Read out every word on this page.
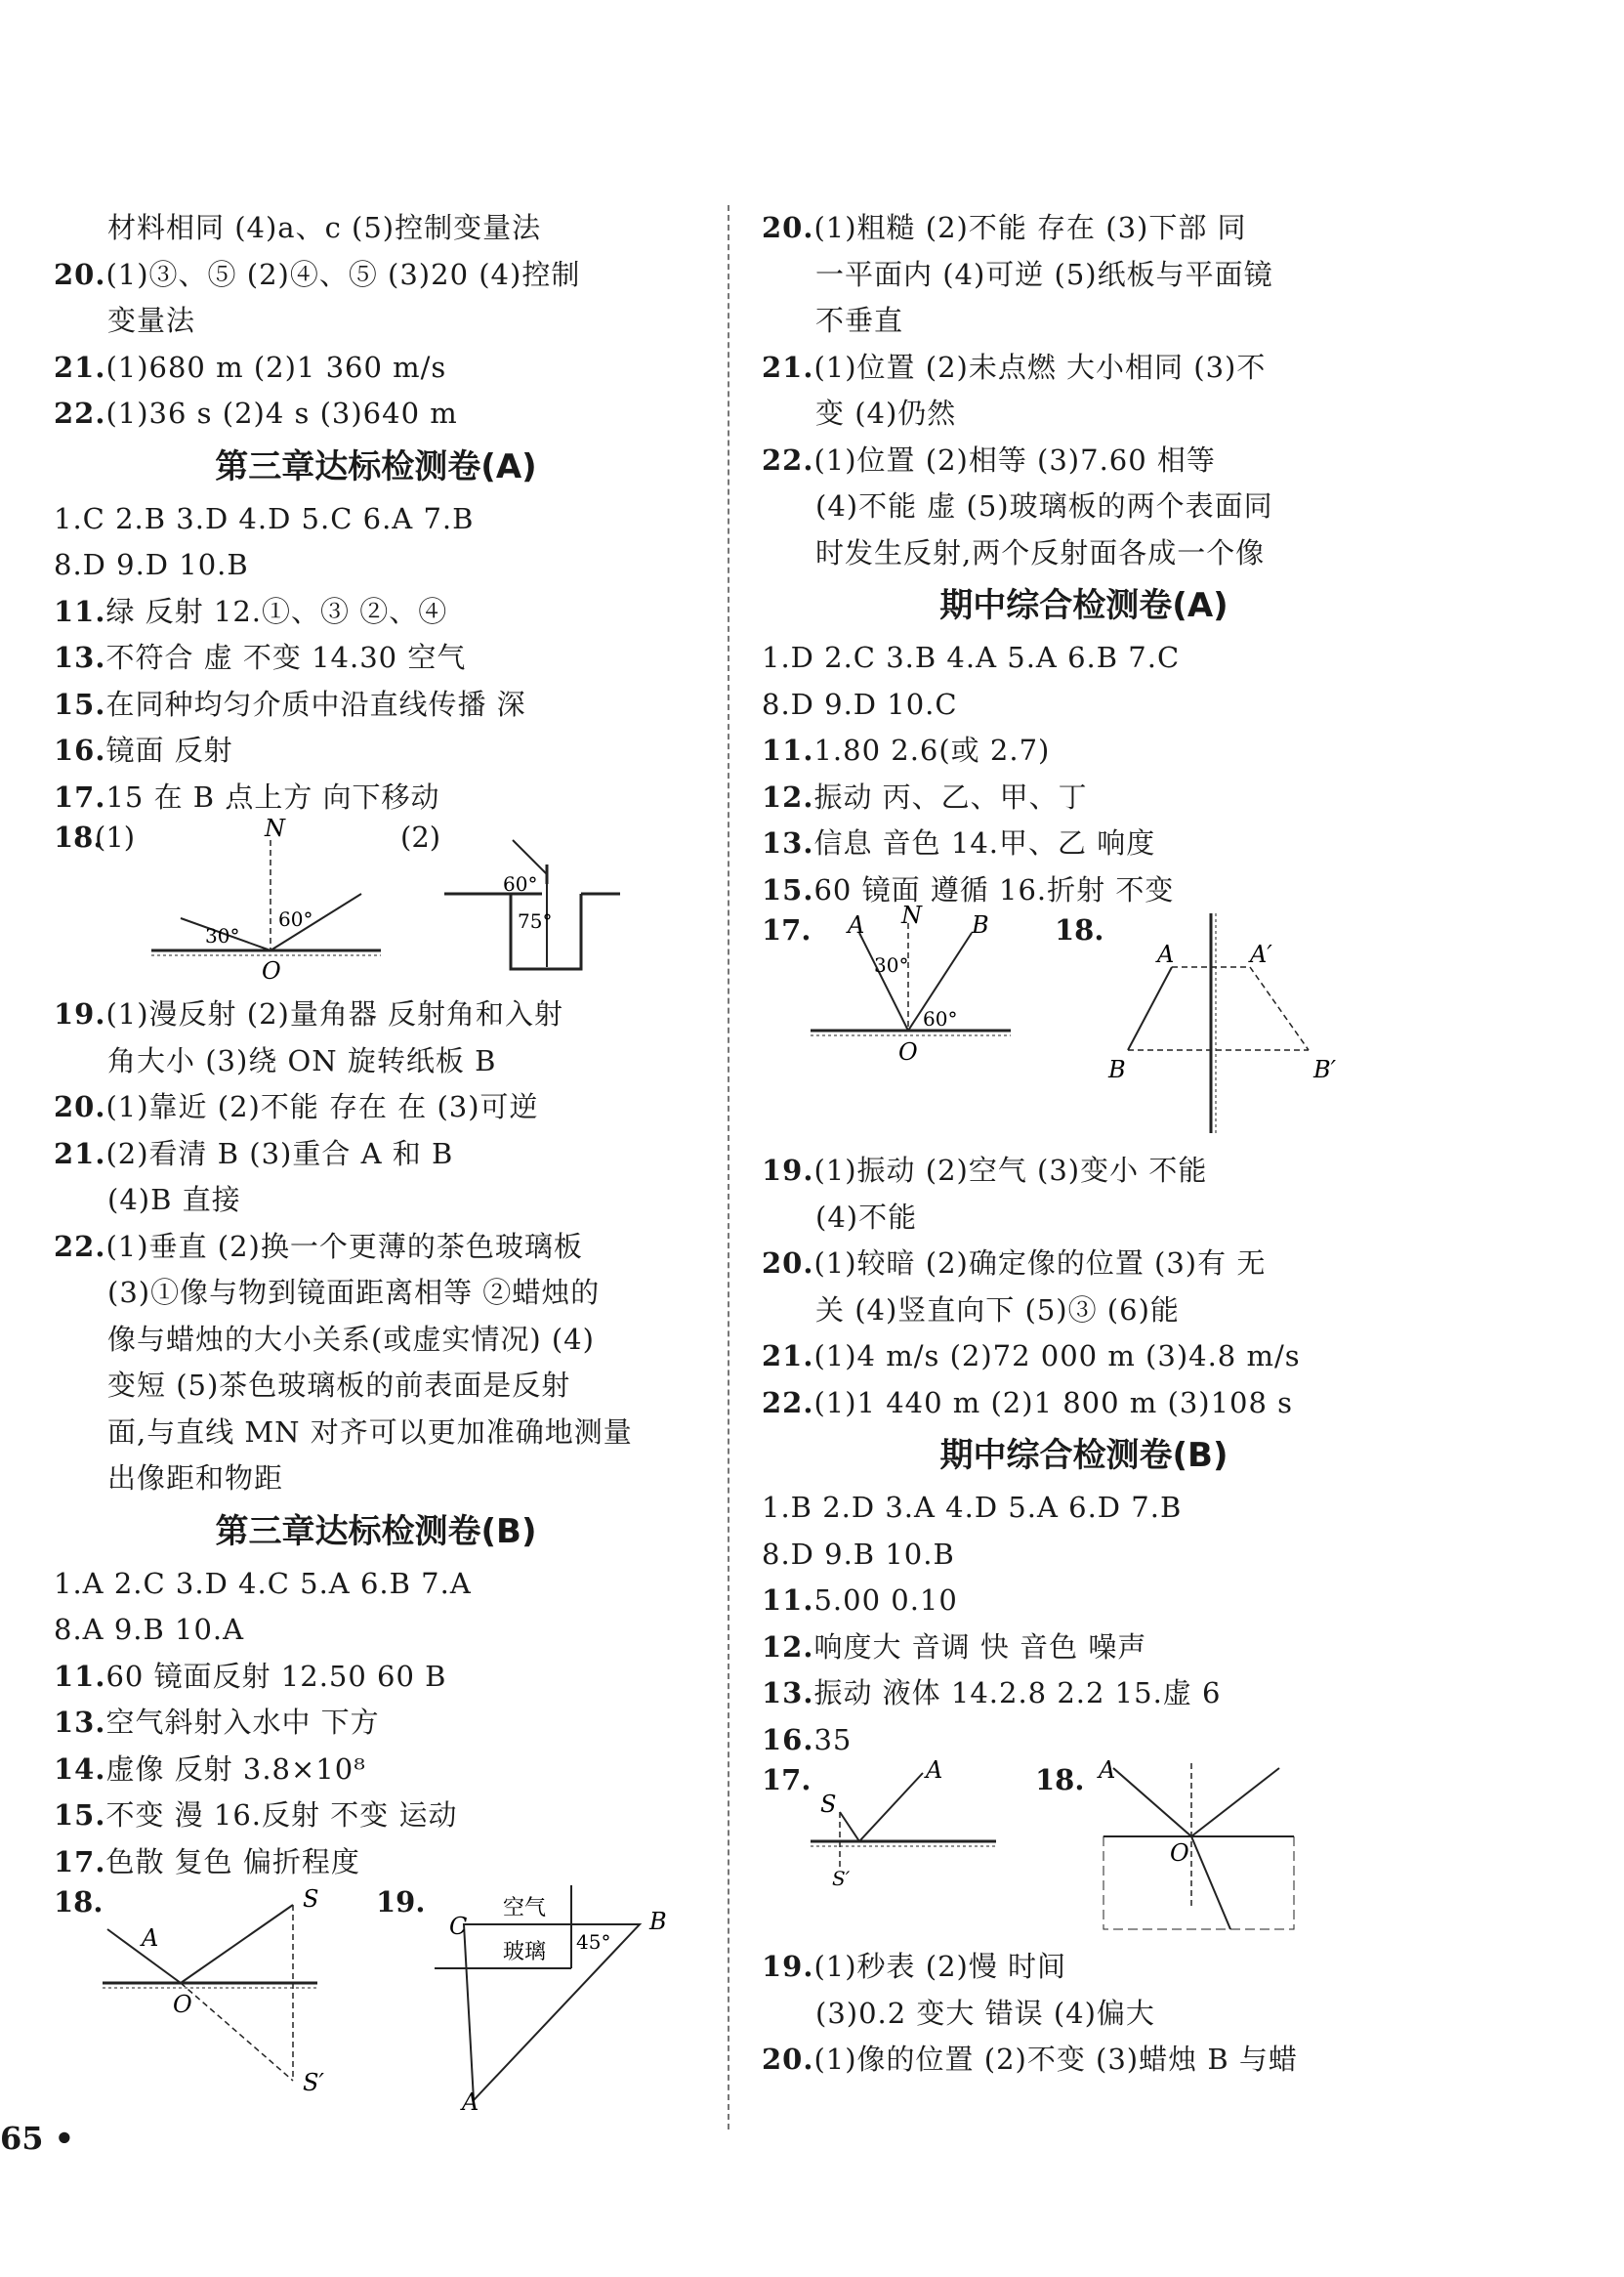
材料相同 (4)a、c (5)控制变量法
20.(1)③、⑤ (2)④、⑤ (3)20 (4)控制
变量法
21.(1)680 m (2)1 360 m/s
22.(1)36 s (2)4 s (3)640 m
第三章达标检测卷(A)
1.C 2.B 3.D 4.D 5.C 6.A 7.B
8.D 9.D 10.B
11.绿 反射 12.①、③ ②、④
13.不符合 虚 不变 14.30 空气
15.在同种均匀介质中沿直线传播 深
16.镜面 反射
17.15 在 B 点上方 向下移动
18.
(1)	(2)
N
O
30°
60°
60°
75°
19.(1)漫反射 (2)量角器 反射角和入射
角大小 (3)绕 ON 旋转纸板 B
20.(1)靠近 (2)不能 存在 在 (3)可逆
21.(2)看清 B (3)重合 A 和 B
(4)B 直接
22.(1)垂直 (2)换一个更薄的茶色玻璃板
(3)①像与物到镜面距离相等 ②蜡烛的
像与蜡烛的大小关系(或虚实情况) (4)
变短 (5)茶色玻璃板的前表面是反射
面,与直线 MN 对齐可以更加准确地测量
出像距和物距
第三章达标检测卷(B)
1.A 2.C 3.D 4.C 5.A 6.B 7.A
8.A 9.B 10.A
11.60 镜面反射 12.50 60 B
13.空气斜射入水中 下方
14.虚像 反射 3.8×10⁸
15.不变 漫 16.反射 不变 运动
17.色散 复色 偏折程度
18.	19.
A
S
O
S′
空气
玻璃
C	B
A
45°
20.(1)粗糙 (2)不能 存在 (3)下部 同
一平面内 (4)可逆 (5)纸板与平面镜
不垂直
21.(1)位置 (2)未点燃 大小相同 (3)不
变 (4)仍然
22.(1)位置 (2)相等 (3)7.60 相等
(4)不能 虚 (5)玻璃板的两个表面同
时发生反射,两个反射面各成一个像
期中综合检测卷(A)
1.D 2.C 3.B 4.A 5.A 6.B 7.C
8.D 9.D 10.C
11.1.80 2.6(或 2.7)
12.振动 丙、乙、甲、丁
13.信息 音色 14.甲、乙 响度
15.60 镜面 遵循 16.折射 不变
17.	18.
A N B
O
30°
60°
A	A′
B	B′
19.(1)振动 (2)空气 (3)变小 不能
(4)不能
20.(1)较暗 (2)确定像的位置 (3)有 无
关 (4)竖直向下 (5)③ (6)能
21.(1)4 m/s (2)72 000 m (3)4.8 m/s
22.(1)1 440 m (2)1 800 m (3)108 s
期中综合检测卷(B)
1.B 2.D 3.A 4.D 5.A 6.D 7.B
8.D 9.B 10.B
11.5.00 0.10
12.响度大 音调 快 音色 噪声
13.振动 液体 14.2.8 2.2 15.虚 6
16.35
17.	18.
S
A
S′
A
O
19.(1)秒表 (2)慢 时间
(3)0.2 变大 错误 (4)偏大
20.(1)像的位置 (2)不变 (3)蜡烛 B 与蜡
65 •
